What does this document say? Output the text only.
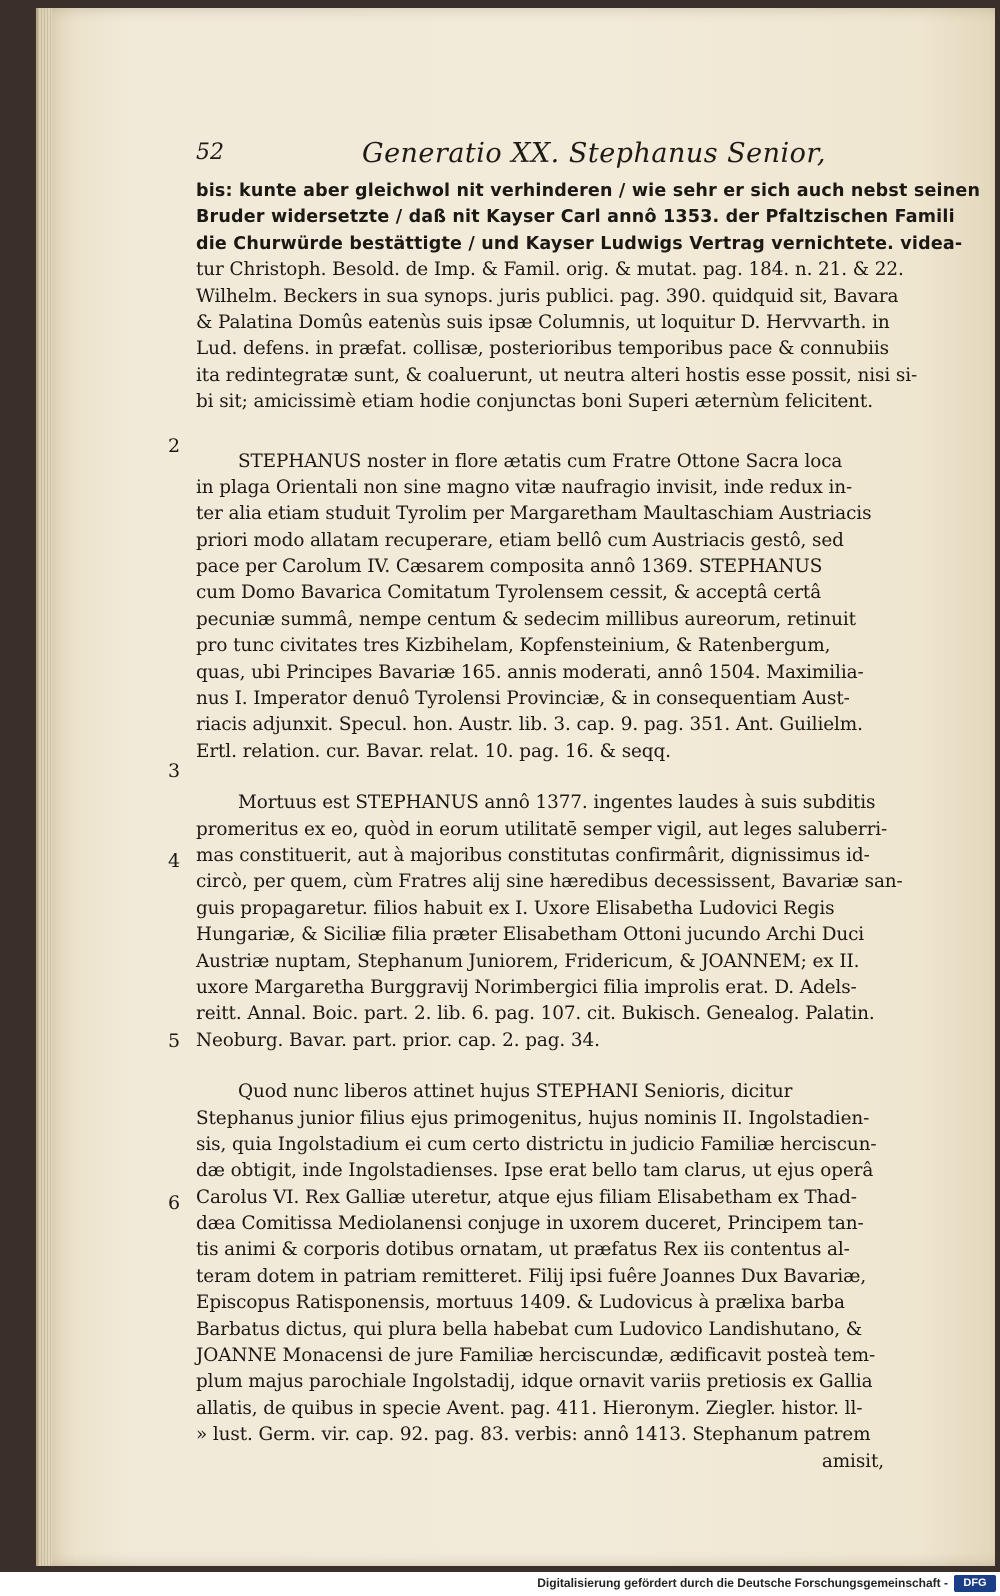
52	Generatio XX. Stephanus Senior,
2
3
4
5
6
bis: kunte aber gleichwol nit verhinderen / wie sehr er sich auch nebst seinen
Bruder widersetzte / daß nit Kayser Carl annô 1353. der Pfaltzischen Famili
die Churwürde bestättigte / und Kayser Ludwigs Vertrag vernichtete. videa-
tur Christoph. Besold. de Imp. & Famil. orig. & mutat. pag. 184. n. 21. & 22.
Wilhelm. Beckers in sua synops. juris publici. pag. 390. quidquid sit, Bavara
& Palatina Domûs eatenùs suis ipsæ Columnis, ut loquitur D. Hervvarth. in
Lud. defens. in præfat. collisæ, posterioribus temporibus pace & connubiis
ita redintegratæ sunt, & coaluerunt, ut neutra alteri hostis esse possit, nisi si-
bi sit; amicissimè etiam hodie conjunctas boni Superi æternùm felicitent.
STEPHANUS noster in flore ætatis cum Fratre Ottone Sacra loca
in plaga Orientali non sine magno vitæ naufragio invisit, inde redux in-
ter alia etiam studuit Tyrolim per Margaretham Maultaschiam Austriacis
priori modo allatam recuperare, etiam bellô cum Austriacis gestô, sed
pace per Carolum IV. Cæsarem composita annô 1369. STEPHANUS
cum Domo Bavarica Comitatum Tyrolensem cessit, & acceptâ certâ
pecuniæ summâ, nempe centum & sedecim millibus aureorum, retinuit
pro tunc civitates tres Kizbihelam, Kopfensteinium, & Ratenbergum,
quas, ubi Principes Bavariæ 165. annis moderati, annô 1504. Maximilia-
nus I. Imperator denuô Tyrolensi Provinciæ, & in consequentiam Aust-
riacis adjunxit. Specul. hon. Austr. lib. 3. cap. 9. pag. 351. Ant. Guilielm.
Ertl. relation. cur. Bavar. relat. 10. pag. 16. & seqq.
Mortuus est STEPHANUS annô 1377. ingentes laudes à suis subditis
promeritus ex eo, quòd in eorum utilitatē semper vigil, aut leges saluberri-
mas constituerit, aut à majoribus constitutas confirmârit, dignissimus id-
circò, per quem, cùm Fratres alij sine hæredibus decessissent, Bavariæ san-
guis propagaretur. filios habuit ex I. Uxore Elisabetha Ludovici Regis
Hungariæ, & Siciliæ filia præter Elisabetham Ottoni jucundo Archi Duci
Austriæ nuptam, Stephanum Juniorem, Fridericum, & JOANNEM; ex II.
uxore Margaretha Burggravij Norimbergici filia improlis erat. D. Adels-
reitt. Annal. Boic. part. 2. lib. 6. pag. 107. cit. Bukisch. Genealog. Palatin.
Neoburg. Bavar. part. prior. cap. 2. pag. 34.
Quod nunc liberos attinet hujus STEPHANI Senioris, dicitur
Stephanus junior filius ejus primogenitus, hujus nominis II. Ingolstadien-
sis, quia Ingolstadium ei cum certo districtu in judicio Familiæ herciscun-
dæ obtigit, inde Ingolstadienses. Ipse erat bello tam clarus, ut ejus operâ
Carolus VI. Rex Galliæ uteretur, atque ejus filiam Elisabetham ex Thad-
dæa Comitissa Mediolanensi conjuge in uxorem duceret, Principem tan-
tis animi & corporis dotibus ornatam, ut præfatus Rex iis contentus al-
teram dotem in patriam remitteret. Filij ipsi fuêre Joannes Dux Bavariæ,
Episcopus Ratisponensis, mortuus 1409. & Ludovicus à prælixa barba
Barbatus dictus, qui plura bella habebat cum Ludovico Landishutano, &
JOANNE Monacensi de jure Familiæ herciscundæ, ædificavit posteà tem-
plum majus parochiale Ingolstadij, idque ornavit variis pretiosis ex Gallia
allatis, de quibus in specie Avent. pag. 411. Hieronym. Ziegler. histor. ll-
» lust. Germ. vir. cap. 92. pag. 83. verbis: annô 1413. Stephanum patrem
amisit,
Digitalisierung gefördert durch die Deutsche Forschungsgemeinschaft -	DFG
